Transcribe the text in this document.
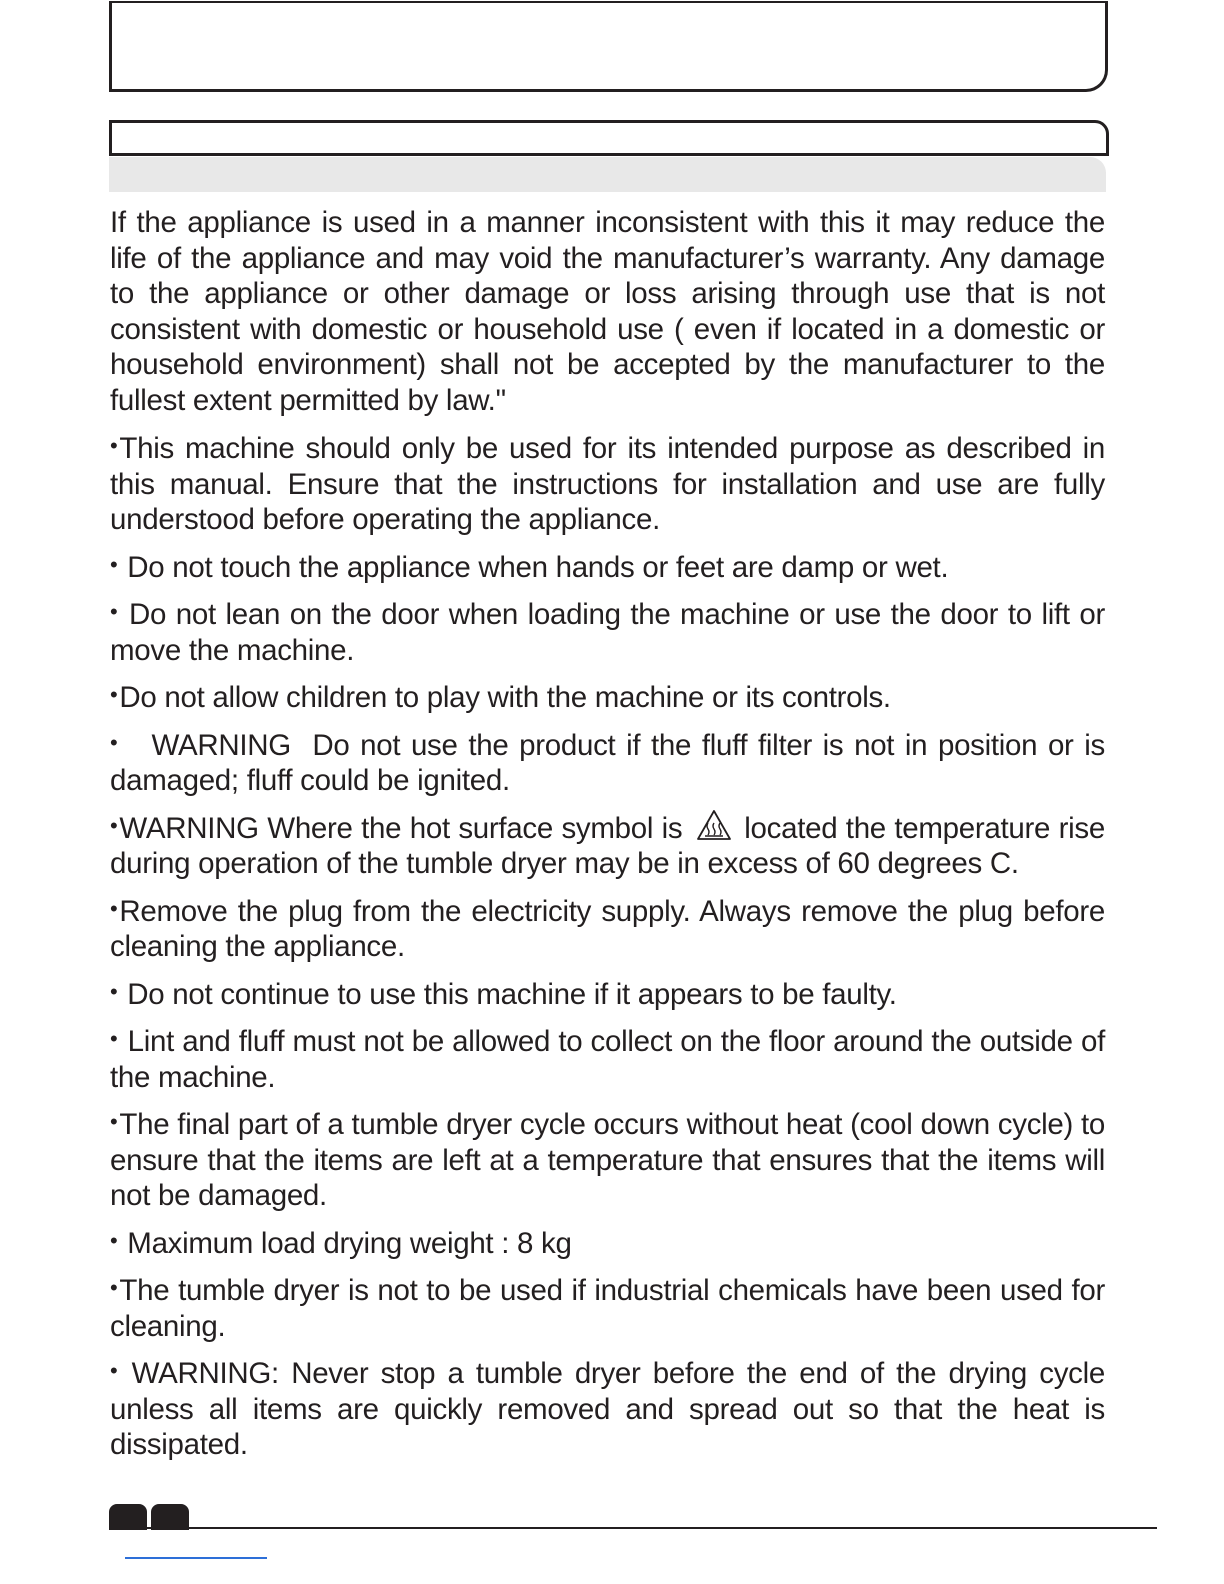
If the appliance is used in a manner inconsistent with this it may reduce the life of the appliance and may void the manufacturer’s warranty. Any damage to the appliance or other damage or loss arising through use that is not consistent with domestic or household use ( even if located in a domestic or household environment) shall not be accepted by the manufacturer to the fullest extent permitted by law."

•This machine should only be used for its intended purpose as described in this manual. Ensure that the instructions for installation and use are fully understood before operating the appliance.

• Do not touch the appliance when hands or feet are damp or wet.

• Do not lean on the door when loading the machine or use the door to lift or move the machine.

•Do not allow children to play with the machine or its controls.

•   WARNING  Do not use the product if the fluff filter is not in position or is damaged; fluff could be ignited.

•WARNING Where the hot surface symbol is located the temperature rise during operation of the tumble dryer may be in excess of 60 degrees C.

•Remove the plug from the electricity supply. Always remove the plug before cleaning the appliance.

• Do not continue to use this machine if it appears to be faulty.

• Lint and fluff must not be allowed to collect on the floor around the outside of the machine.

•The final part of a tumble dryer cycle occurs without heat (cool down cycle) to ensure that the items are left at a temperature that ensures that the items will not be damaged.

• Maximum load drying weight : 8 kg

•The tumble dryer is not to be used if industrial chemicals have been used for cleaning.

• WARNING: Never stop a tumble dryer before the end of the drying cycle unless all items are quickly removed and spread out so that the heat is dissipated.
